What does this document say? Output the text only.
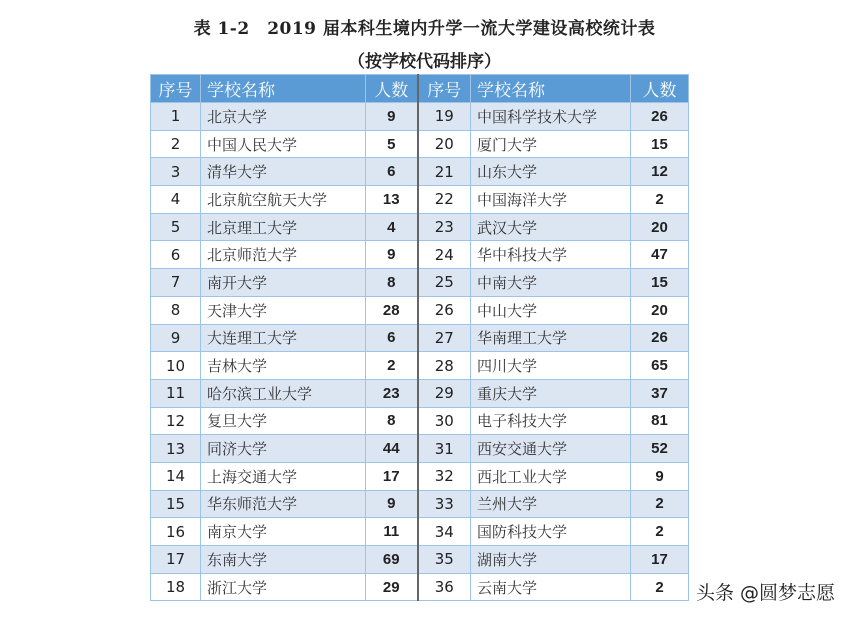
表 1-2　2019 届本科生境内升学一流大学建设高校统计表
（按学校代码排序）
序号	学校名称	人数	序号	学校名称	人数
1	北京大学	9	19	中国科学技术大学	26
2	中国人民大学	5	20	厦门大学	15
3	清华大学	6	21	山东大学	12
4	北京航空航天大学	13	22	中国海洋大学	2
5	北京理工大学	4	23	武汉大学	20
6	北京师范大学	9	24	华中科技大学	47
7	南开大学	8	25	中南大学	15
8	天津大学	28	26	中山大学	20
9	大连理工大学	6	27	华南理工大学	26
10	吉林大学	2	28	四川大学	65
11	哈尔滨工业大学	23	29	重庆大学	37
12	复旦大学	8	30	电子科技大学	81
13	同济大学	44	31	西安交通大学	52
14	上海交通大学	17	32	西北工业大学	9
15	华东师范大学	9	33	兰州大学	2
16	南京大学	11	34	国防科技大学	2
17	东南大学	69	35	湖南大学	17
18	浙江大学	29	36	云南大学	2 头条 @圆梦志愿
